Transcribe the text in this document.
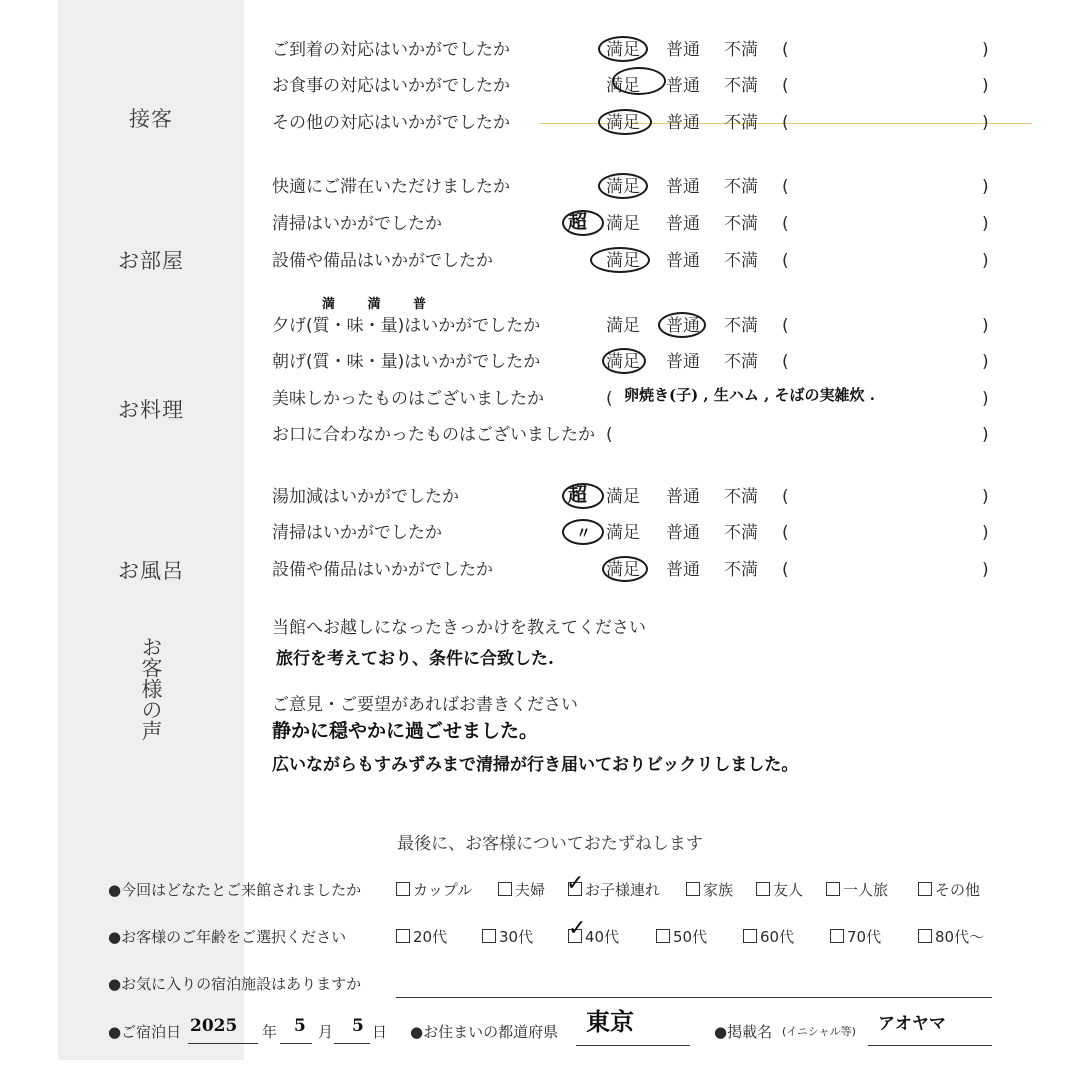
接客
お部屋
お料理
お風呂
お客様の声
ご到着の対応はいかがでしたか	満足 普通 不満 (	)
お食事の対応はいかがでしたか	満足 普通 不満 (	)
その他の対応はいかがでしたか	満足 普通 不満 (	)
快適にご滞在いただけましたか	満足 普通 不満 (	)
清掃はいかがでしたか	超 満足 普通 不満 (	)
設備や備品はいかがでしたか	満足 普通 不満 (	)
満 満 普
夕げ(質・味・量)はいかがでしたか	満足 普通 不満 (	)
朝げ(質・味・量)はいかがでしたか	満足 普通 不満 (	)
美味しかったものはございましたか	( 卵焼き(子) , 生ハム , そばの実雑炊 .	)
お口に合わなかったものはございましたか (	)
湯加減はいかがでしたか	超 満足 普通 不満 (	)
清掃はいかがでしたか	〃 満足 普通 不満 (	)
設備や備品はいかがでしたか	満足 普通 不満 (	)
当館へお越しになったきっかけを教えてください
旅行を考えており、条件に合致した.
ご意見・ご要望があればお書きください
静かに穏やかに過ごせました。
広いながらもすみずみまで清掃が行き届いておりビックリしました。
最後に、お客様についておたずねします
●今回はどなたとご来館されましたか	カップル	夫婦	お子様連れ	家族	友人	一人旅	その他
✓
●お客様のご年齢をご選択ください	20代	30代	40代	50代	60代	70代	80代〜
✓
●お気に入りの宿泊施設はありますか
●ご宿泊日 2025 年 5 月 5 日 ●お住まいの都道府県 東京	●掲載名 (イニシャル等) アオヤマ
